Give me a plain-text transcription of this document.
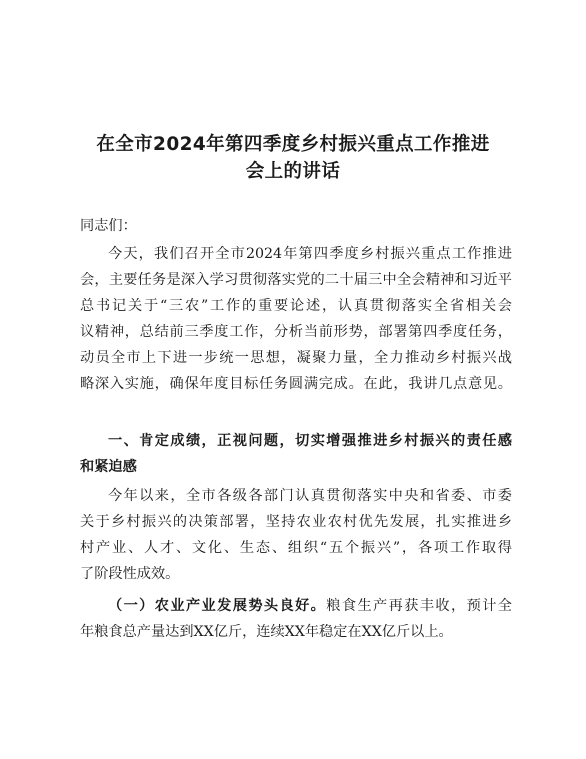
在全市2024年第四季度乡村振兴重点工作推进
会上的讲话

同志们：

今天，我们召开全市2024年第四季度乡村振兴重点工作推进

会，主要任务是深入学习贯彻落实党的二十届三中全会精神和习近平

总书记关于“三农”工作的重要论述，认真贯彻落实全省相关会

议精神，总结前三季度工作，分析当前形势，部署第四季度任务，

动员全市上下进一步统一思想，凝聚力量，全力推动乡村振兴战

略深入实施，确保年度目标任务圆满完成。在此，我讲几点意见。

一、肯定成绩，正视问题，切实增强推进乡村振兴的责任感

和紧迫感

今年以来，全市各级各部门认真贯彻落实中央和省委、市委

关于乡村振兴的决策部署，坚持农业农村优先发展，扎实推进乡

村产业、人才、文化、生态、组织“五个振兴”，各项工作取得

了阶段性成效。

（一）农业产业发展势头良好。粮食生产再获丰收，预计全

年粮食总产量达到XX亿斤，连续XX年稳定在XX亿斤以上。
